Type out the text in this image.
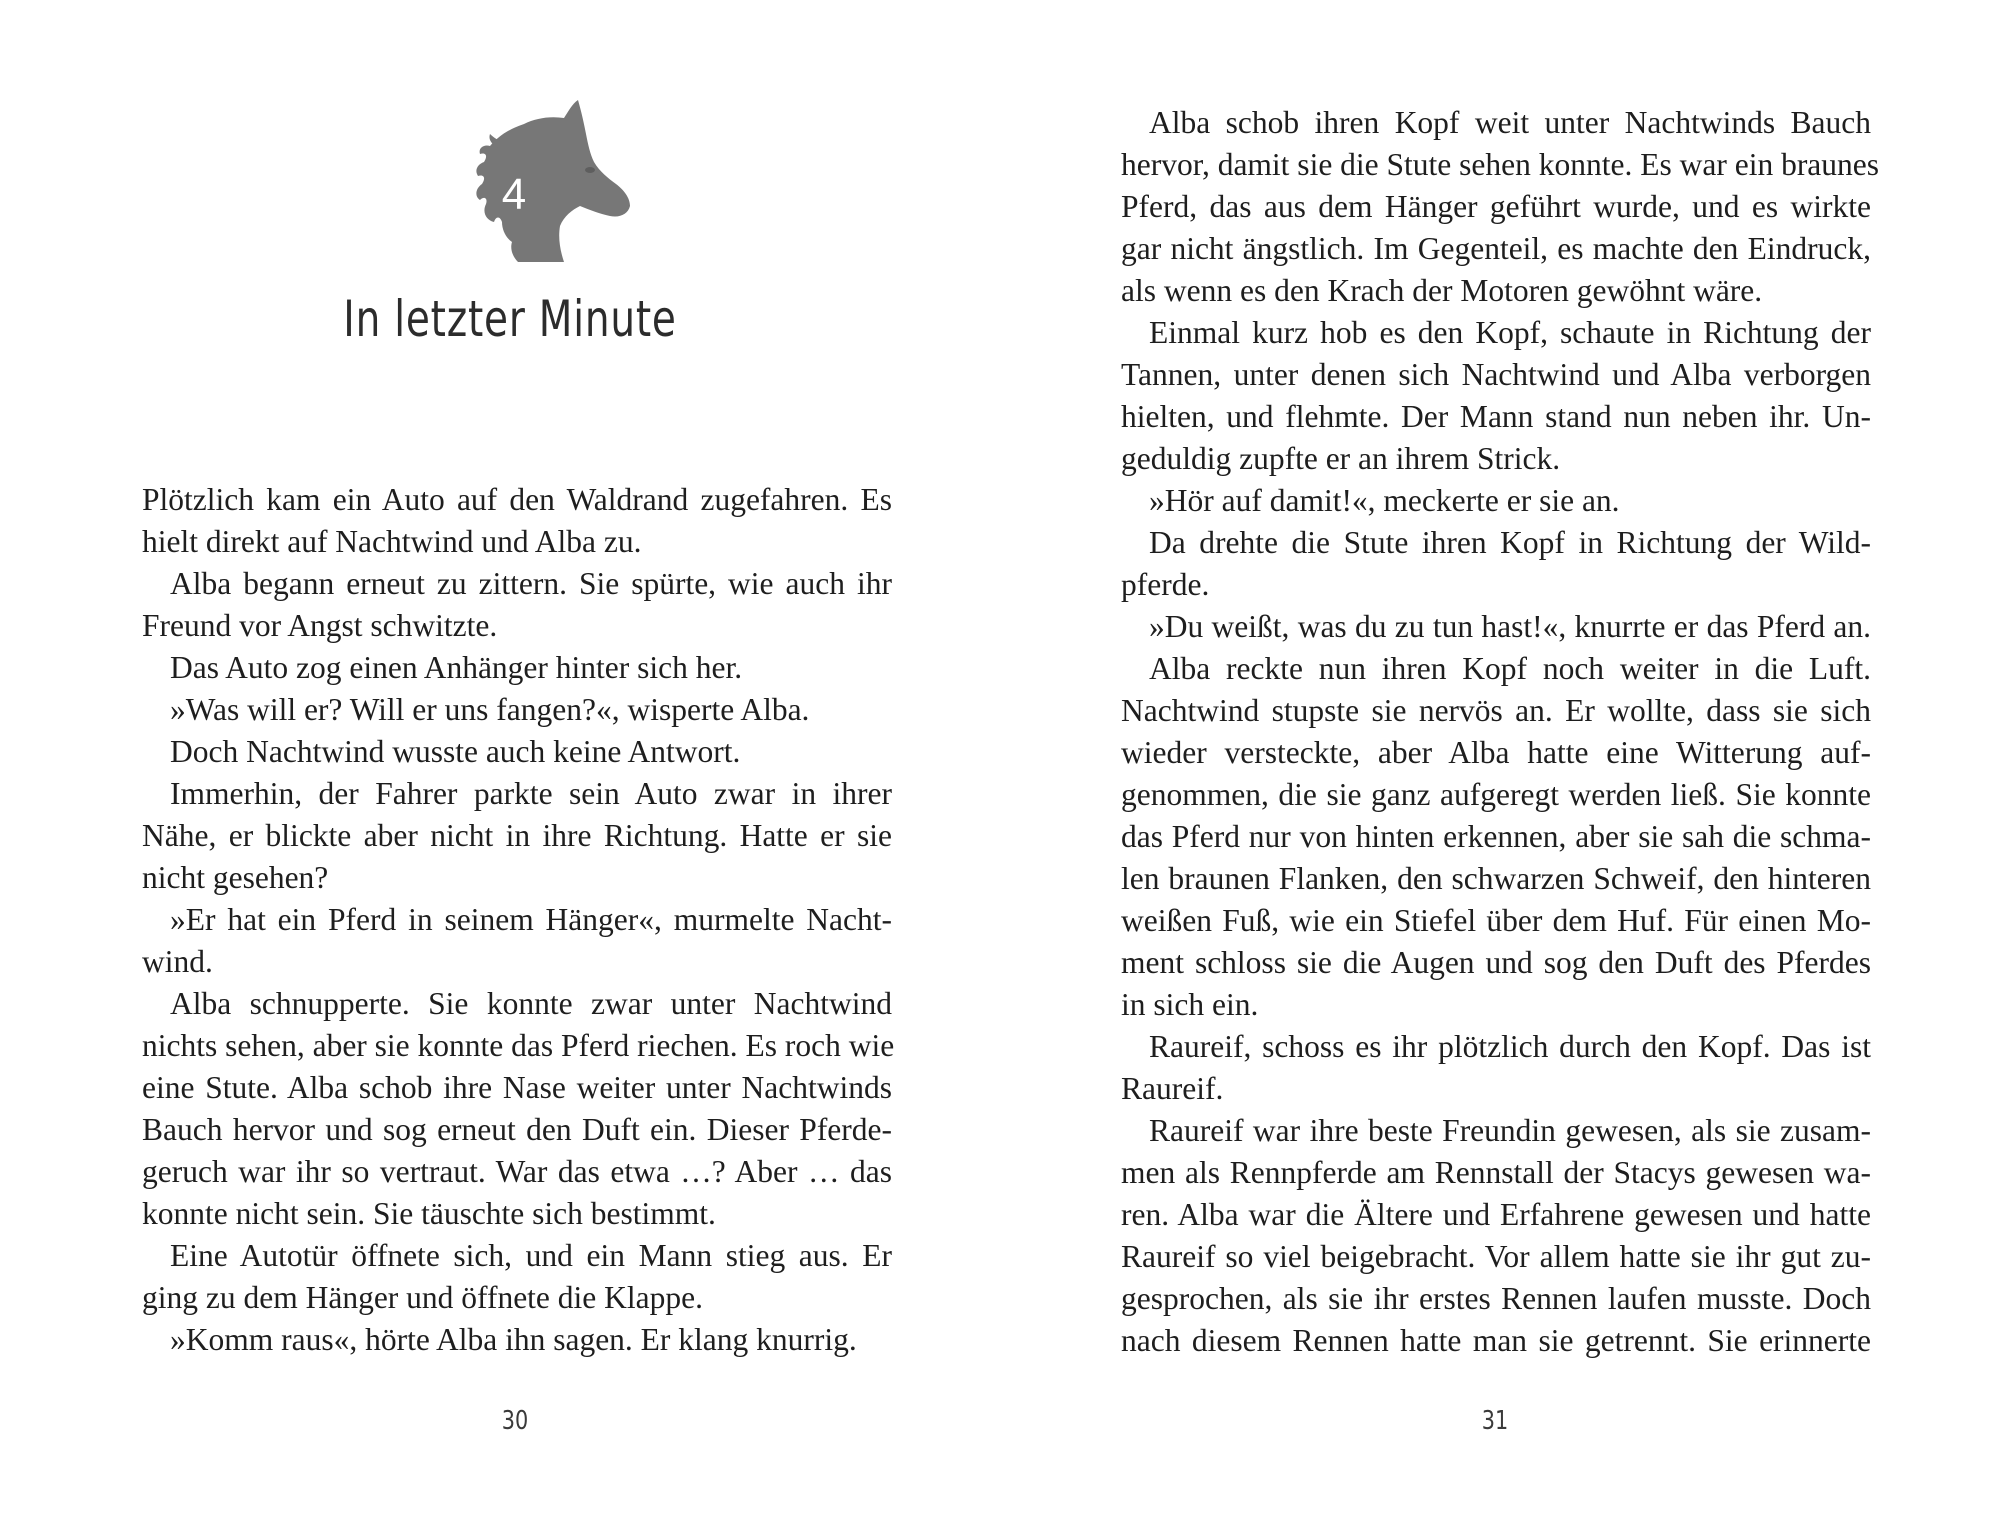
4
In letzter Minute
Plötzlich kam ein Auto auf den Waldrand zugefahren. Es
hielt direkt auf Nachtwind und Alba zu.
Alba begann erneut zu zittern. Sie spürte, wie auch ihr
Freund vor Angst schwitzte.
Das Auto zog einen Anhänger hinter sich her.
»Was will er? Will er uns fangen?«, wisperte Alba.
Doch Nachtwind wusste auch keine Antwort.
Immerhin, der Fahrer parkte sein Auto zwar in ihrer
Nähe, er blickte aber nicht in ihre Richtung. Hatte er sie
nicht gesehen?
»Er hat ein Pferd in seinem Hänger«, murmelte Nacht-
wind.
Alba schnupperte. Sie konnte zwar unter Nachtwind
nichts sehen, aber sie konnte das Pferd riechen. Es roch wie
eine Stute. Alba schob ihre Nase weiter unter Nachtwinds
Bauch hervor und sog erneut den Duft ein. Dieser Pferde-
geruch war ihr so vertraut. War das etwa …? Aber … das
konnte nicht sein. Sie täuschte sich bestimmt.
Eine Autotür öffnete sich, und ein Mann stieg aus. Er
ging zu dem Hänger und öffnete die Klappe.
»Komm raus«, hörte Alba ihn sagen. Er klang knurrig.
30
Alba schob ihren Kopf weit unter Nachtwinds Bauch
hervor, damit sie die Stute sehen konnte. Es war ein braunes
Pferd, das aus dem Hänger geführt wurde, und es wirkte
gar nicht ängstlich. Im Gegenteil, es machte den Eindruck,
als wenn es den Krach der Motoren gewöhnt wäre.
Einmal kurz hob es den Kopf, schaute in Richtung der
Tannen, unter denen sich Nachtwind und Alba verborgen
hielten, und flehmte. Der Mann stand nun neben ihr. Un-
geduldig zupfte er an ihrem Strick.
»Hör auf damit!«, meckerte er sie an.
Da drehte die Stute ihren Kopf in Richtung der Wild-
pferde.
»Du weißt, was du zu tun hast!«, knurrte er das Pferd an.
Alba reckte nun ihren Kopf noch weiter in die Luft.
Nachtwind stupste sie nervös an. Er wollte, dass sie sich
wieder versteckte, aber Alba hatte eine Witterung auf-
genommen, die sie ganz aufgeregt werden ließ. Sie konnte
das Pferd nur von hinten erkennen, aber sie sah die schma-
len braunen Flanken, den schwarzen Schweif, den hinteren
weißen Fuß, wie ein Stiefel über dem Huf. Für einen Mo-
ment schloss sie die Augen und sog den Duft des Pferdes
in sich ein.
Raureif, schoss es ihr plötzlich durch den Kopf. Das ist
Raureif.
Raureif war ihre beste Freundin gewesen, als sie zusam-
men als Rennpferde am Rennstall der Stacys gewesen wa-
ren. Alba war die Ältere und Erfahrene gewesen und hatte
Raureif so viel beigebracht. Vor allem hatte sie ihr gut zu-
gesprochen, als sie ihr erstes Rennen laufen musste. Doch
nach diesem Rennen hatte man sie getrennt. Sie erinnerte
31
